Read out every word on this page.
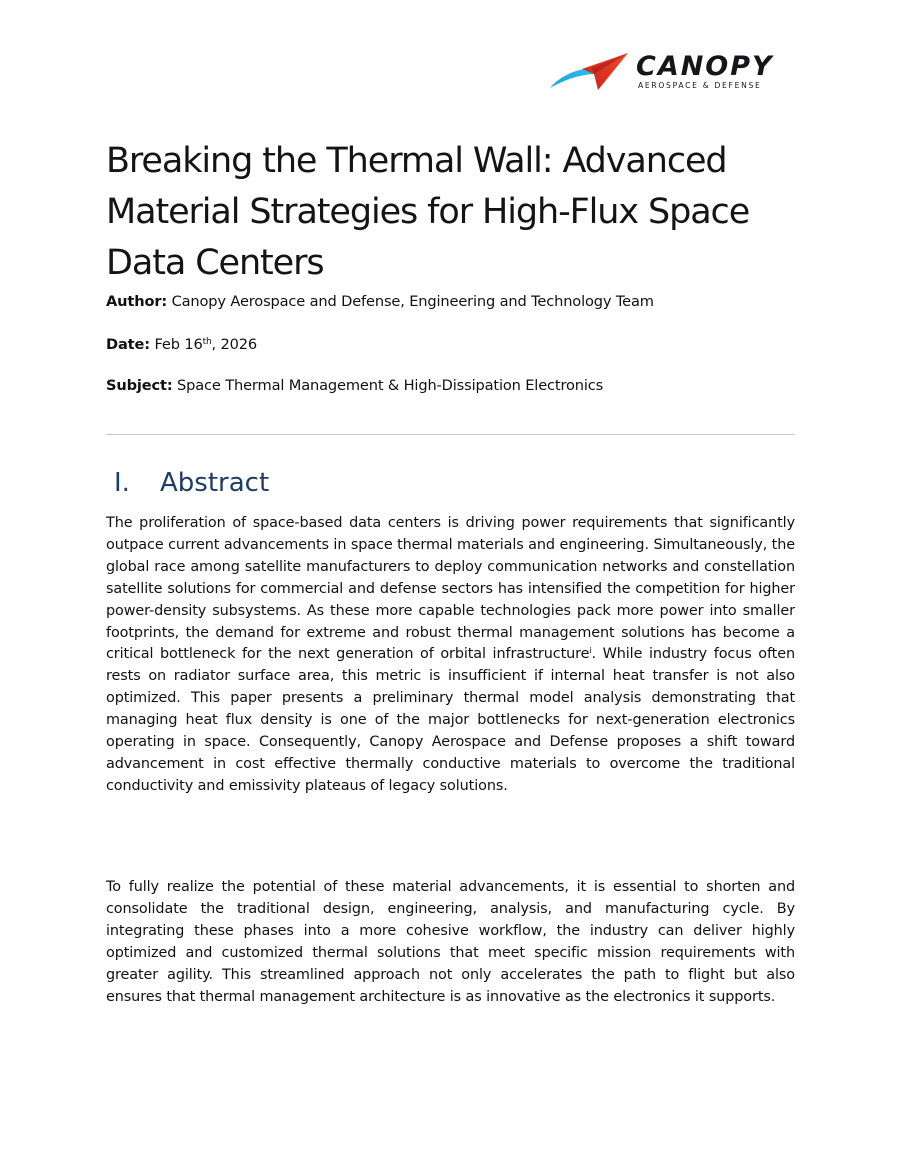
CANOPY
AEROSPACE & DEFENSE
Breaking the Thermal Wall: Advanced Material Strategies for High-Flux Space Data Centers
Author: Canopy Aerospace and Defense, Engineering and Technology Team
Date: Feb 16th, 2026
Subject: Space Thermal Management & High-Dissipation Electronics
I. Abstract

The proliferation of space-based data centers is driving power requirements that significantly outpace current advancements in space thermal materials and engineering. Simultaneously, the global race among satellite manufacturers to deploy communication networks and constellation satellite solutions for commercial and defense sectors has intensified the competition for higher power-density subsystems. As these more capable technologies pack more power into smaller footprints, the demand for extreme and robust thermal management solutions has become a critical bottleneck for the next generation of orbital infrastructure$^i$. While industry focus often rests on radiator surface area, this metric is insufficient if internal heat transfer is not also optimized. This paper presents a preliminary thermal model analysis demonstrating that managing heat flux density is one of the major bottlenecks for next-generation electronics operating in space. Consequently, Canopy Aerospace and Defense proposes a shift toward advancement in cost effective thermally conductive materials to overcome the traditional conductivity and emissivity plateaus of legacy solutions.

To fully realize the potential of these material advancements, it is essential to shorten and consolidate the traditional design, engineering, analysis, and manufacturing cycle. By integrating these phases into a more cohesive workflow, the industry can deliver highly optimized and customized thermal solutions that meet specific mission requirements with greater agility. This streamlined approach not only accelerates the path to flight but also ensures that thermal management architecture is as innovative as the electronics it supports.
